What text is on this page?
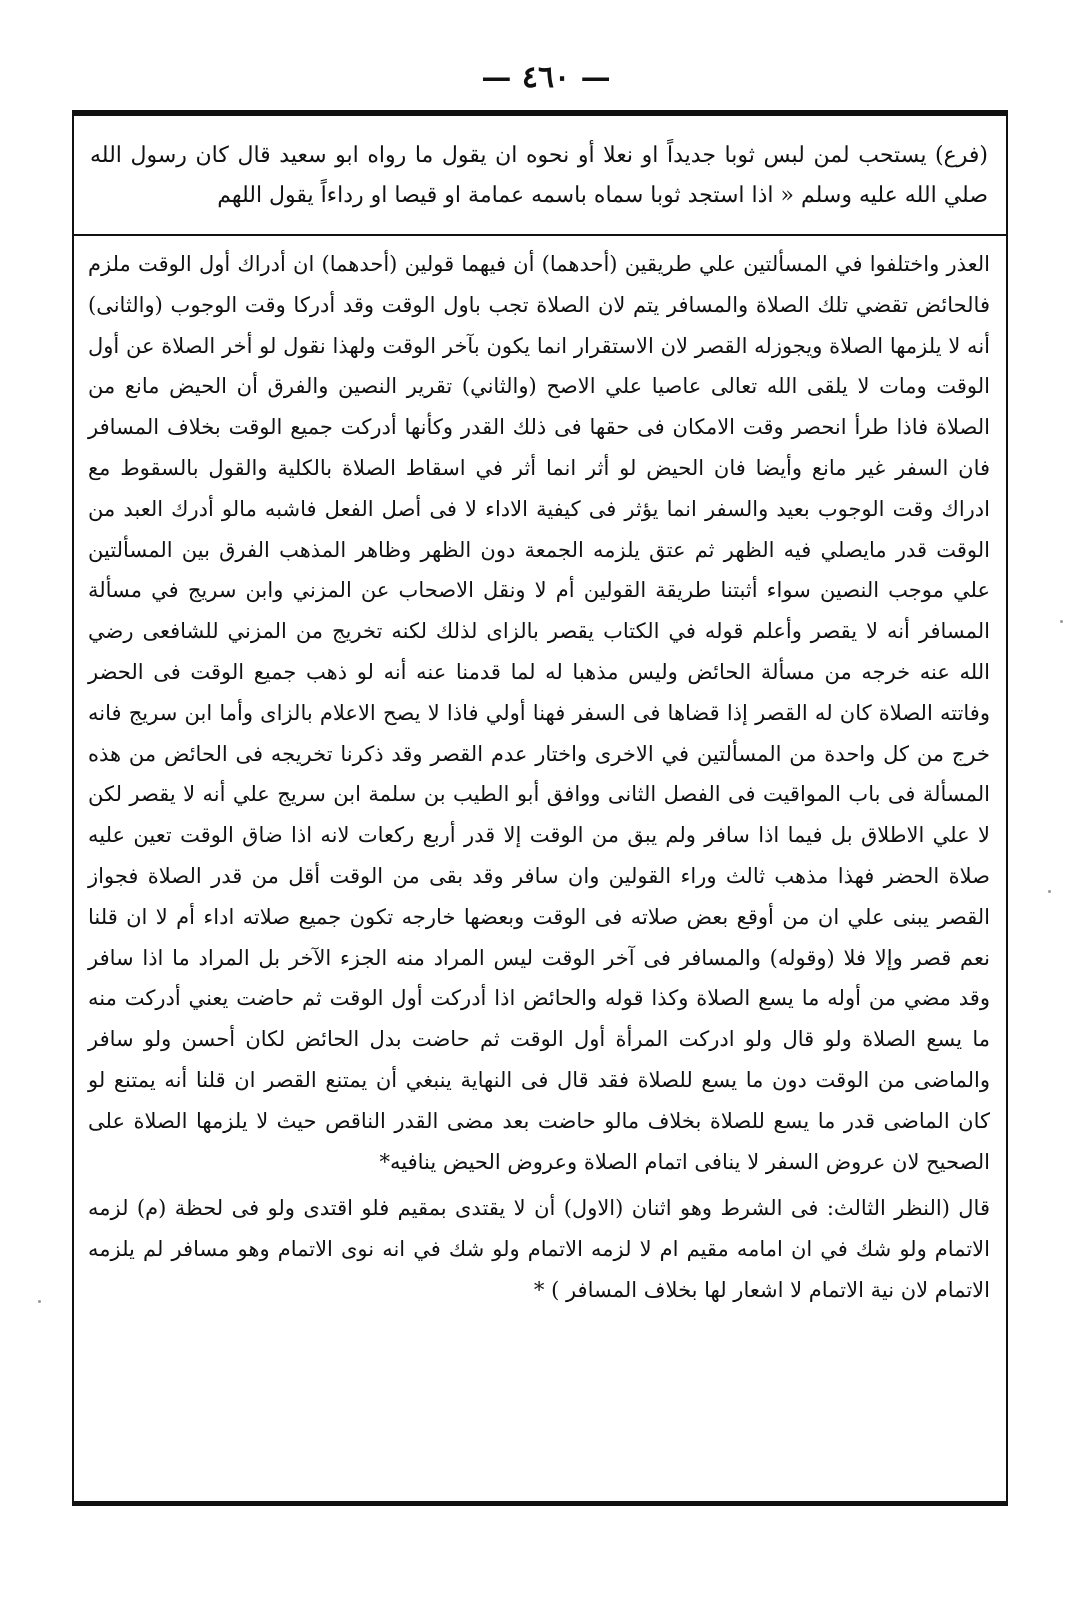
— ٤٦٠ —

(فرع) يستحب لمن لبس ثوبا جديداً او نعلا أو نحوه ان يقول ما رواه ابو سعيد قال كان رسول الله صلي الله عليه وسلم « اذا استجد ثوبا سماه باسمه عمامة او قيصا او رداءاً يقول اللهم

العذر واختلفوا في المسألتين علي طريقين (أحدهما) أن فيهما قولين (أحدهما) ان أدراك أول الوقت ملزم فالحائض تقضي تلك الصلاة والمسافر يتم لان الصلاة تجب باول الوقت وقد أدركا وقت الوجوب (والثانى) أنه لا يلزمها الصلاة ويجوزله القصر لان الاستقرار انما يكون بآخر الوقت ولهذا نقول لو أخر الصلاة عن أول الوقت ومات لا يلقى الله تعالى عاصيا علي الاصح (والثاني) تقرير النصين والفرق أن الحيض مانع من الصلاة فاذا طرأ انحصر وقت الامكان فى حقها فى ذلك القدر وكأنها أدركت جميع الوقت بخلاف المسافر فان السفر غير مانع وأيضا فان الحيض لو أثر انما أثر في اسقاط الصلاة بالكلية والقول بالسقوط مع ادراك وقت الوجوب بعيد والسفر انما يؤثر فى كيفية الاداء لا فى أصل الفعل فاشبه مالو أدرك العبد من الوقت قدر مايصلي فيه الظهر ثم عتق يلزمه الجمعة دون الظهر وظاهر المذهب الفرق بين المسألتين علي موجب النصين سواء أثبتنا طريقة القولين أم لا ونقل الاصحاب عن المزني وابن سريج في مسألة المسافر أنه لا يقصر وأعلم قوله في الكتاب يقصر بالزاى لذلك لكنه تخريج من المزني للشافعى رضي الله عنه خرجه من مسألة الحائض وليس مذهبا له لما قدمنا عنه أنه لو ذهب جميع الوقت فى الحضر وفاتته الصلاة كان له القصر إذا قضاها فى السفر فهنا أولي فاذا لا يصح الاعلام بالزاى وأما ابن سريج فانه خرج من كل واحدة من المسألتين في الاخرى واختار عدم القصر وقد ذكرنا تخريجه فى الحائض من هذه المسألة فى باب المواقيت فى الفصل الثانى ووافق أبو الطيب بن سلمة ابن سريج علي أنه لا يقصر لكن لا علي الاطلاق بل فيما اذا سافر ولم يبق من الوقت إلا قدر أربع ركعات لانه اذا ضاق الوقت تعين عليه صلاة الحضر فهذا مذهب ثالث وراء القولين وان سافر وقد بقى من الوقت أقل من قدر الصلاة فجواز القصر يبنى علي ان من أوقع بعض صلاته فى الوقت وبعضها خارجه تكون جميع صلاته اداء أم لا ان قلنا نعم قصر وإلا فلا (وقوله) والمسافر فى آخر الوقت ليس المراد منه الجزء الآخر بل المراد ما اذا سافر وقد مضي من أوله ما يسع الصلاة وكذا قوله والحائض اذا أدركت أول الوقت ثم حاضت يعني أدركت منه ما يسع الصلاة ولو قال ولو ادركت المرأة أول الوقت ثم حاضت بدل الحائض لكان أحسن ولو سافر والماضى من الوقت دون ما يسع للصلاة فقد قال فى النهاية ينبغي أن يمتنع القصر ان قلنا أنه يمتنع لو كان الماضى قدر ما يسع للصلاة بخلاف مالو حاضت بعد مضى القدر الناقص حيث لا يلزمها الصلاة على الصحيح لان عروض السفر لا ينافى اتمام الصلاة وعروض الحيض ينافيه*

قال (النظر الثالث: فى الشرط وهو اثنان (الاول) أن لا يقتدى بمقيم فلو اقتدى ولو فى لحظة (م) لزمه الاتمام ولو شك في ان امامه مقيم ام لا لزمه الاتمام ولو شك في انه نوى الاتمام وهو مسافر لم يلزمه الاتمام لان نية الاتمام لا اشعار لها بخلاف المسافر ) *
